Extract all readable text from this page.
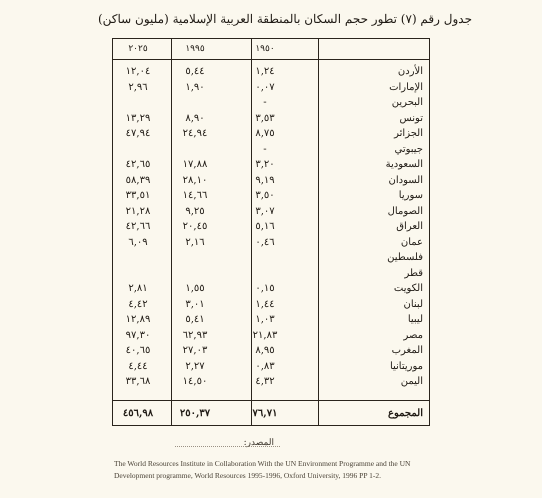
جدول رقم (٧) تطور حجم السكان بالمنطقة العربية الإسلامية (مليون ساكن)
١٩٥٠
١٩٩٥
٢٠٢٥
الأردن
١,٢٤
٥,٤٤
١٢,٠٤
الإمارات
٠,٠٧
١,٩٠
٢,٩٦
البحرين
-
تونس
٣,٥٣
٨,٩٠
١٣,٢٩
الجزائر
٨,٧٥
٢٤,٩٤
٤٧,٩٤
جيبوتي
-
السعودية
٣,٢٠
١٧,٨٨
٤٢,٦٥
السودان
٩,١٩
٢٨,١٠
٥٨,٣٩
سوريا
٣,٥٠
١٤,٦٦
٣٣,٥١
الصومال
٣,٠٧
٩,٢٥
٢١,٢٨
العراق
٥,١٦
٢٠,٤٥
٤٢,٦٦
عمان
٠,٤٦
٢,١٦
٦,٠٩
فلسطين
قطر
الكويت
٠,١٥
١,٥٥
٢,٨١
لبنان
١,٤٤
٣,٠١
٤,٤٢
ليبيا
١,٠٣
٥,٤١
١٢,٨٩
مصر
٢١,٨٣
٦٢,٩٣
٩٧,٣٠
المغرب
٨,٩٥
٢٧,٠٣
٤٠,٦٥
موريتانيا
٠,٨٣
٢,٢٧
٤,٤٤
اليمن
٤,٣٢
١٤,٥٠
٣٣,٦٨
المجموع
٧٦,٧١
٢٥٠,٣٧
٤٥٦,٩٨
المصدر:
The World Resources Institute in Collaboration With the UN Environment Programme and the UN Development programme, World Resources 1995-1996, Oxford University, 1996 PP 1-2.
